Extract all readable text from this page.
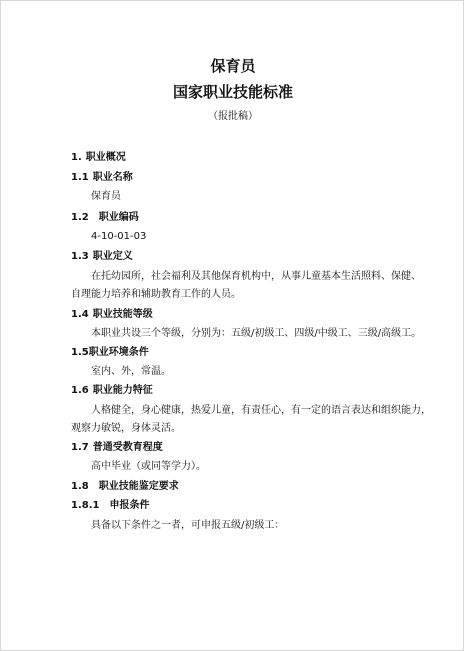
保育员
国家职业技能标准
（报批稿）
1. 职业概况
1.1 职业名称
保育员
1.2 职业编码
4-10-01-03
1.3 职业定义
在托幼园所，社会福利及其他保育机构中，从事儿童基本生活照料、保健、
自理能力培养和辅助教育工作的人员。
1.4 职业技能等级
本职业共设三个等级，分别为：五级/初级工、四级/中级工、三级/高级工。
1.5职业环境条件
室内、外，常温。
1.6 职业能力特征
人格健全，身心健康，热爱儿童，有责任心，有一定的语言表达和组织能力，
观察力敏锐，身体灵活。
1.7 普通受教育程度
高中毕业（或同等学力）。
1.8 职业技能鉴定要求
1.8.1 申报条件
具备以下条件之一者，可申报五级/初级工：
